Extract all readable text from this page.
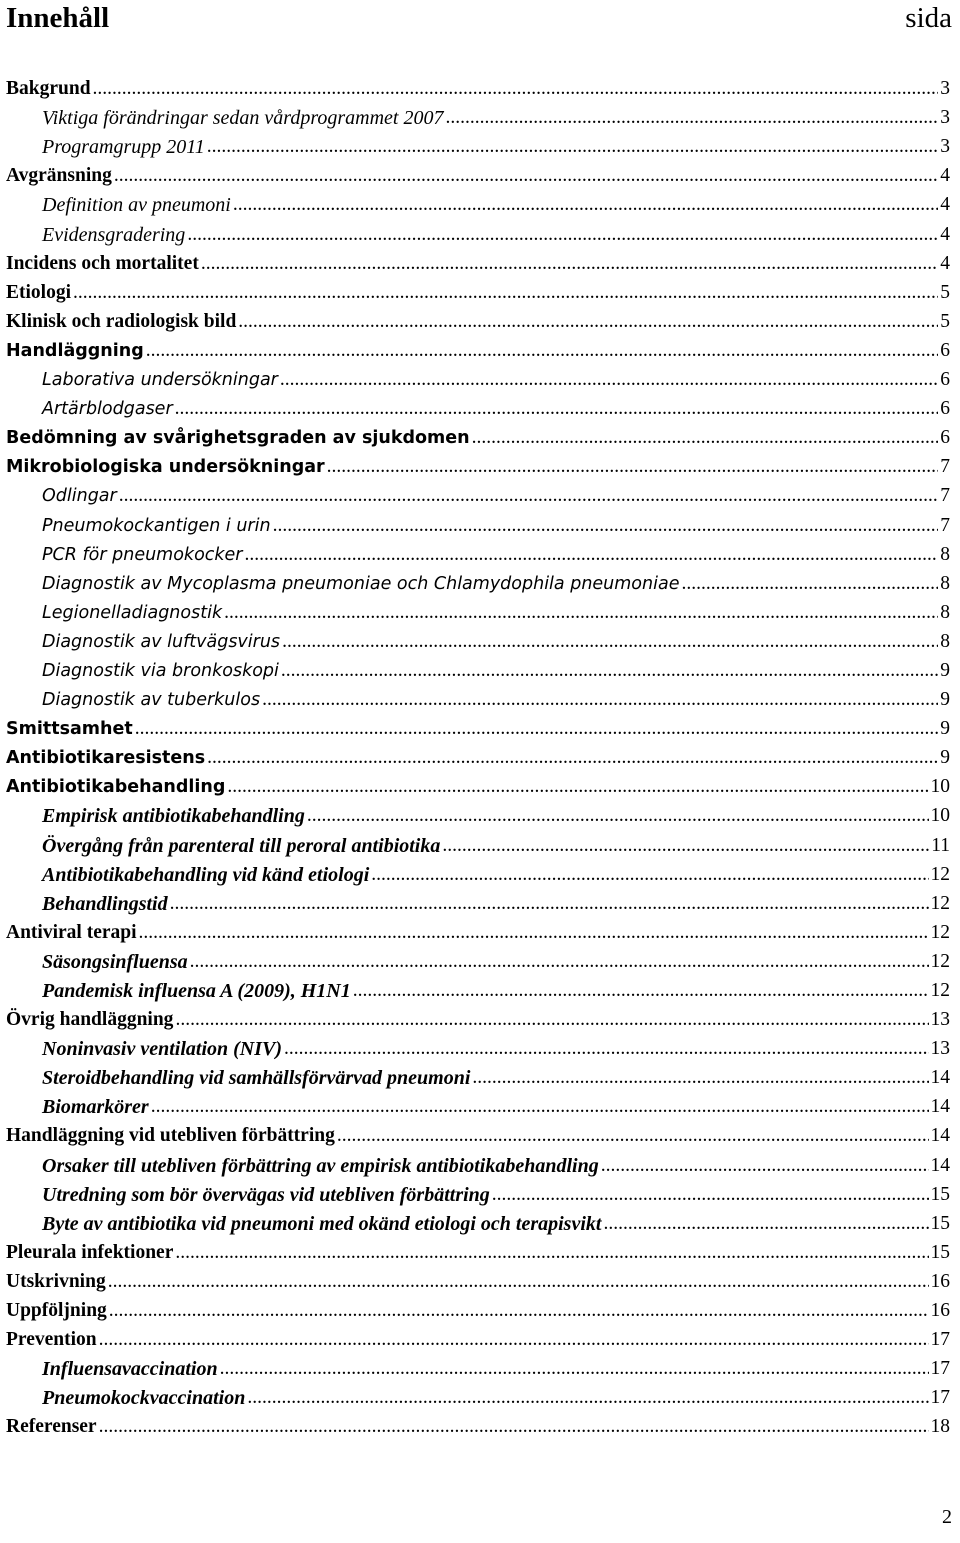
Innehåll	sida
Bakgrund .....	3
Viktiga förändringar sedan vårdprogrammet 2007 .....	3
Programgrupp 2011 .....	3
Avgränsning .....	4
Definition av pneumoni .....	4
Evidensgradering .....	4
Incidens och mortalitet .....	4
Etiologi .....	5
Klinisk och radiologisk bild .....	5
Handläggning .....	6
Laborativa undersökningar .....	6
Artärblodgaser .....	6
Bedömning av svårighetsgraden av sjukdomen .....	6
Mikrobiologiska undersökningar .....	7
Odlingar .....	7
Pneumokockantigen i urin .....	7
PCR för pneumokocker .....	8
Diagnostik av Mycoplasma pneumoniae och Chlamydophila pneumoniae .....	8
Legionelladiagnostik .....	8
Diagnostik av luftvägsvirus .....	8
Diagnostik via bronkoskopi .....	9
Diagnostik av tuberkulos .....	9
Smittsamhet .....	9
Antibiotikaresistens .....	9
Antibiotikabehandling .....	10
Empirisk antibiotikabehandling .....	10
Övergång från parenteral till peroral antibiotika .....	11
Antibiotikabehandling vid känd etiologi .....	12
Behandlingstid .....	12
Antiviral terapi .....	12
Säsongsinfluensa .....	12
Pandemisk influensa A (2009), H1N1 .....	12
Övrig handläggning .....	13
Noninvasiv ventilation (NIV) .....	13
Steroidbehandling vid samhällsförvärvad pneumoni .....	14
Biomarkörer .....	14
Handläggning vid utebliven förbättring .....	14
Orsaker till utebliven förbättring av empirisk antibiotikabehandling .....	14
Utredning som bör övervägas vid utebliven förbättring .....	15
Byte av antibiotika vid pneumoni med okänd etiologi och terapisvikt .....	15
Pleurala infektioner .....	15
Utskrivning .....	16
Uppföljning .....	16
Prevention .....	17
Influensavaccination .....	17
Pneumokockvaccination .....	17
Referenser .....	18
2
